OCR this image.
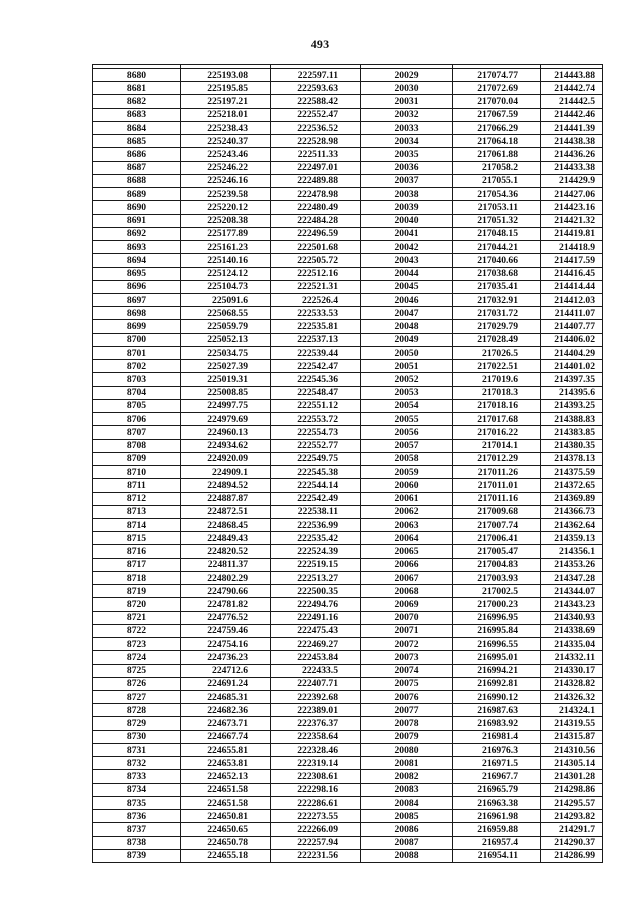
493

8680	225193.08	222597.11	20029	217074.77	214443.88
8681	225195.85	222593.63	20030	217072.69	214442.74
8682	225197.21	222588.42	20031	217070.04	214442.5
8683	225218.01	222552.47	20032	217067.59	214442.46
8684	225238.43	222536.52	20033	217066.29	214441.39
8685	225240.37	222528.98	20034	217064.18	214438.38
8686	225243.46	222511.33	20035	217061.88	214436.26
8687	225246.22	222497.01	20036	217058.2	214433.38
8688	225246.16	222489.88	20037	217055.1	214429.9
8689	225239.58	222478.98	20038	217054.36	214427.06
8690	225220.12	222480.49	20039	217053.11	214423.16
8691	225208.38	222484.28	20040	217051.32	214421.32
8692	225177.89	222496.59	20041	217048.15	214419.81
8693	225161.23	222501.68	20042	217044.21	214418.9
8694	225140.16	222505.72	20043	217040.66	214417.59
8695	225124.12	222512.16	20044	217038.68	214416.45
8696	225104.73	222521.31	20045	217035.41	214414.44
8697	225091.6	222526.4	20046	217032.91	214412.03
8698	225068.55	222533.53	20047	217031.72	214411.07
8699	225059.79	222535.81	20048	217029.79	214407.77
8700	225052.13	222537.13	20049	217028.49	214406.02
8701	225034.75	222539.44	20050	217026.5	214404.29
8702	225027.39	222542.47	20051	217022.51	214401.02
8703	225019.31	222545.36	20052	217019.6	214397.35
8704	225008.85	222548.47	20053	217018.3	214395.6
8705	224997.75	222551.12	20054	217018.16	214393.25
8706	224979.69	222553.72	20055	217017.68	214388.83
8707	224960.13	222554.73	20056	217016.22	214383.85
8708	224934.62	222552.77	20057	217014.1	214380.35
8709	224920.09	222549.75	20058	217012.29	214378.13
8710	224909.1	222545.38	20059	217011.26	214375.59
8711	224894.52	222544.14	20060	217011.01	214372.65
8712	224887.87	222542.49	20061	217011.16	214369.89
8713	224872.51	222538.11	20062	217009.68	214366.73
8714	224868.45	222536.99	20063	217007.74	214362.64
8715	224849.43	222535.42	20064	217006.41	214359.13
8716	224820.52	222524.39	20065	217005.47	214356.1
8717	224811.37	222519.15	20066	217004.83	214353.26
8718	224802.29	222513.27	20067	217003.93	214347.28
8719	224790.66	222500.35	20068	217002.5	214344.07
8720	224781.82	222494.76	20069	217000.23	214343.23
8721	224776.52	222491.16	20070	216996.95	214340.93
8722	224759.46	222475.43	20071	216995.84	214338.69
8723	224754.16	222469.27	20072	216996.55	214335.04
8724	224736.23	222453.84	20073	216995.01	214332.11
8725	224712.6	222433.5	20074	216994.21	214330.17
8726	224691.24	222407.71	20075	216992.81	214328.82
8727	224685.31	222392.68	20076	216990.12	214326.32
8728	224682.36	222389.01	20077	216987.63	214324.1
8729	224673.71	222376.37	20078	216983.92	214319.55
8730	224667.74	222358.64	20079	216981.4	214315.87
8731	224655.81	222328.46	20080	216976.3	214310.56
8732	224653.81	222319.14	20081	216971.5	214305.14
8733	224652.13	222308.61	20082	216967.7	214301.28
8734	224651.58	222298.16	20083	216965.79	214298.86
8735	224651.58	222286.61	20084	216963.38	214295.57
8736	224650.81	222273.55	20085	216961.98	214293.82
8737	224650.65	222266.09	20086	216959.88	214291.7
8738	224650.78	222257.94	20087	216957.4	214290.37
8739	224655.18	222231.56	20088	216954.11	214286.99
